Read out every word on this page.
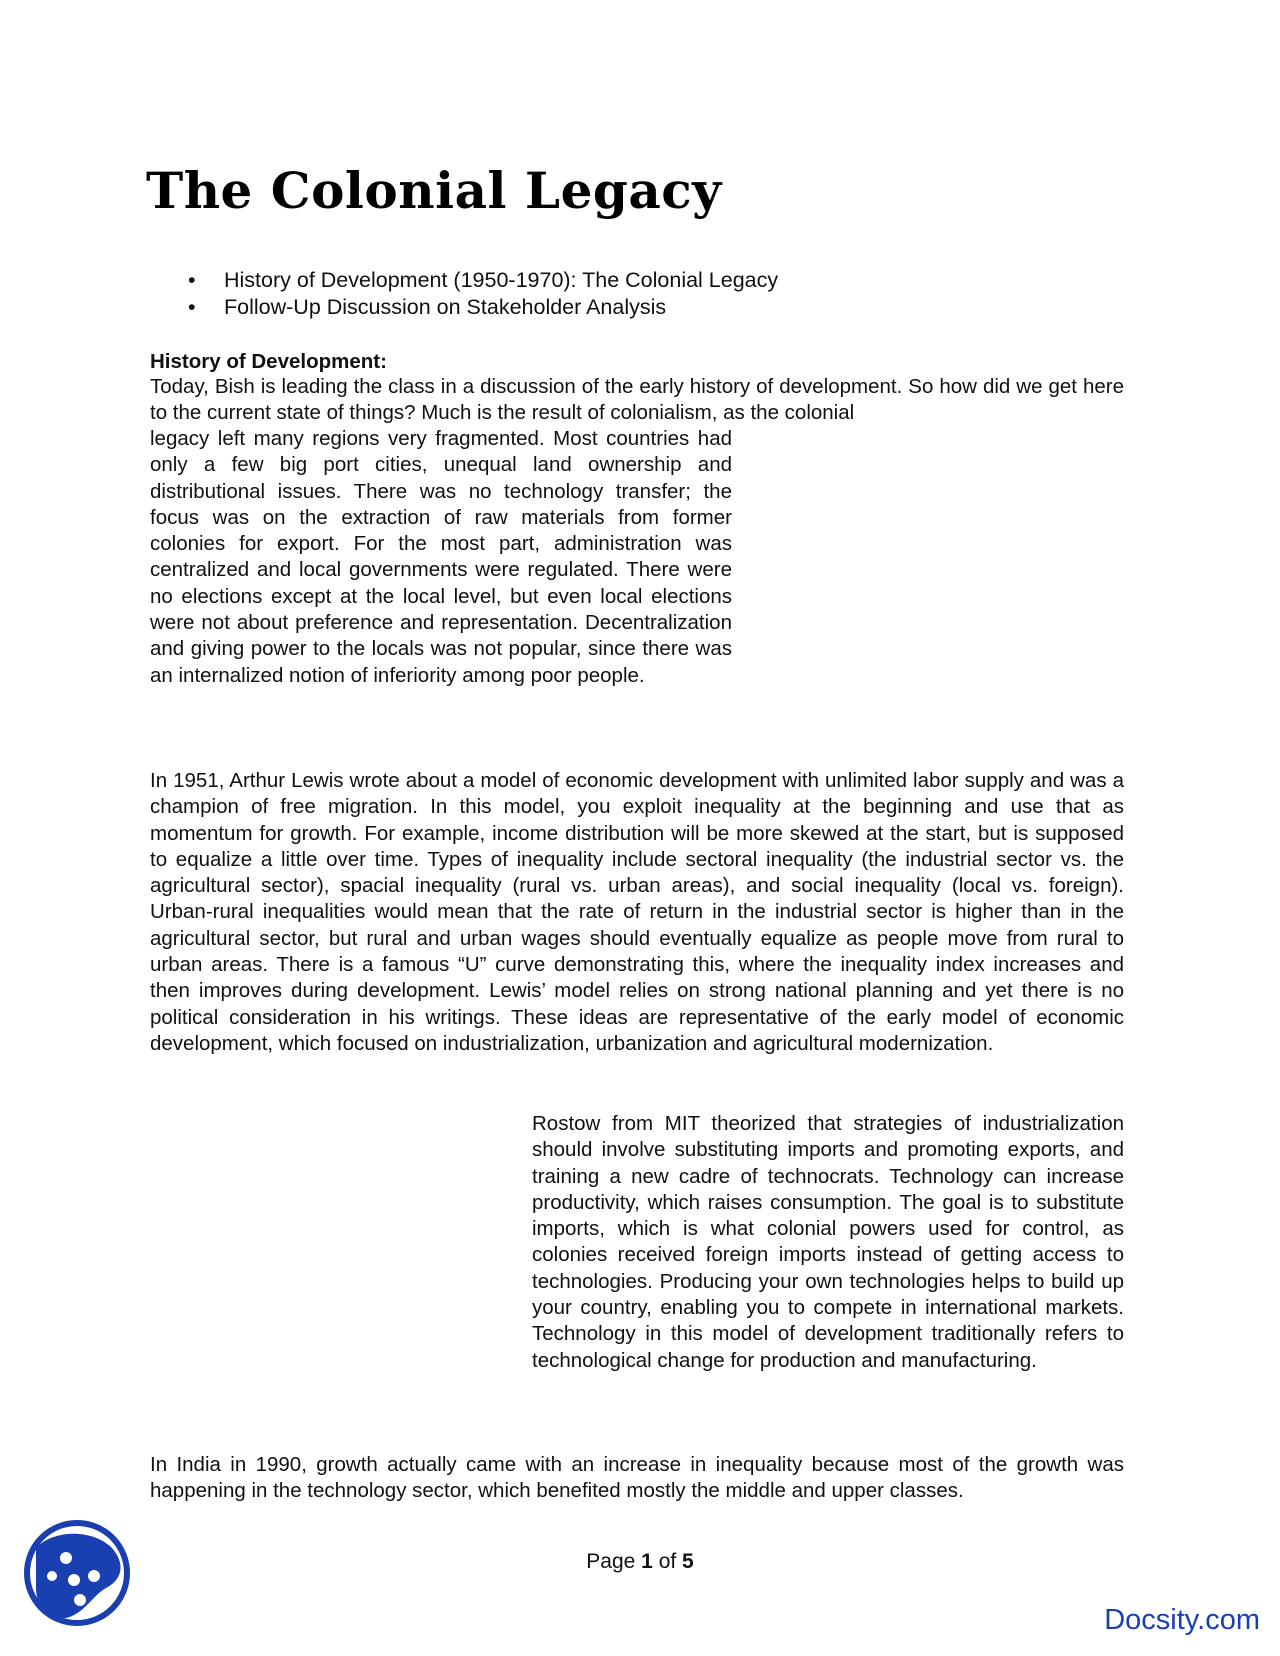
The Colonial Legacy
• History of Development (1950-1970): The Colonial Legacy
• Follow-Up Discussion on Stakeholder Analysis
History of Development:

Today, Bish is leading the class in a discussion of the early history of development. So how did we get here to the current state of things? Much is the result of colonialism, as the colonial

legacy left many regions very fragmented. Most countries had only a few big port cities, unequal land ownership and distributional issues. There was no technology transfer; the focus was on the extraction of raw materials from former colonies for export. For the most part, administration was centralized and local governments were regulated. There were no elections except at the local level, but even local elections were not about preference and representation. Decentralization and giving power to the locals was not popular, since there was an internalized notion of inferiority among poor people.

In 1951, Arthur Lewis wrote about a model of economic development with unlimited labor supply and was a champion of free migration. In this model, you exploit inequality at the beginning and use that as momentum for growth. For example, income distribution will be more skewed at the start, but is supposed to equalize a little over time. Types of inequality include sectoral inequality (the industrial sector vs. the agricultural sector), spacial inequality (rural vs. urban areas), and social inequality (local vs. foreign). Urban-rural inequalities would mean that the rate of return in the industrial sector is higher than in the agricultural sector, but rural and urban wages should eventually equalize as people move from rural to urban areas. There is a famous “U” curve demonstrating this, where the inequality index increases and then improves during development. Lewis’ model relies on strong national planning and yet there is no political consideration in his writings. These ideas are representative of the early model of economic development, which focused on industrialization, urbanization and agricultural modernization.

Rostow from MIT theorized that strategies of industrialization should involve substituting imports and promoting exports, and training a new cadre of technocrats. Technology can increase productivity, which raises consumption. The goal is to substitute imports, which is what colonial powers used for control, as colonies received foreign imports instead of getting access to technologies. Producing your own technologies helps to build up your country, enabling you to compete in international markets. Technology in this model of development traditionally refers to technological change for production and manufacturing.

In India in 1990, growth actually came with an increase in inequality because most of the growth was happening in the technology sector, which benefited mostly the middle and upper classes.

Page 1 of 5
Docsity.com
